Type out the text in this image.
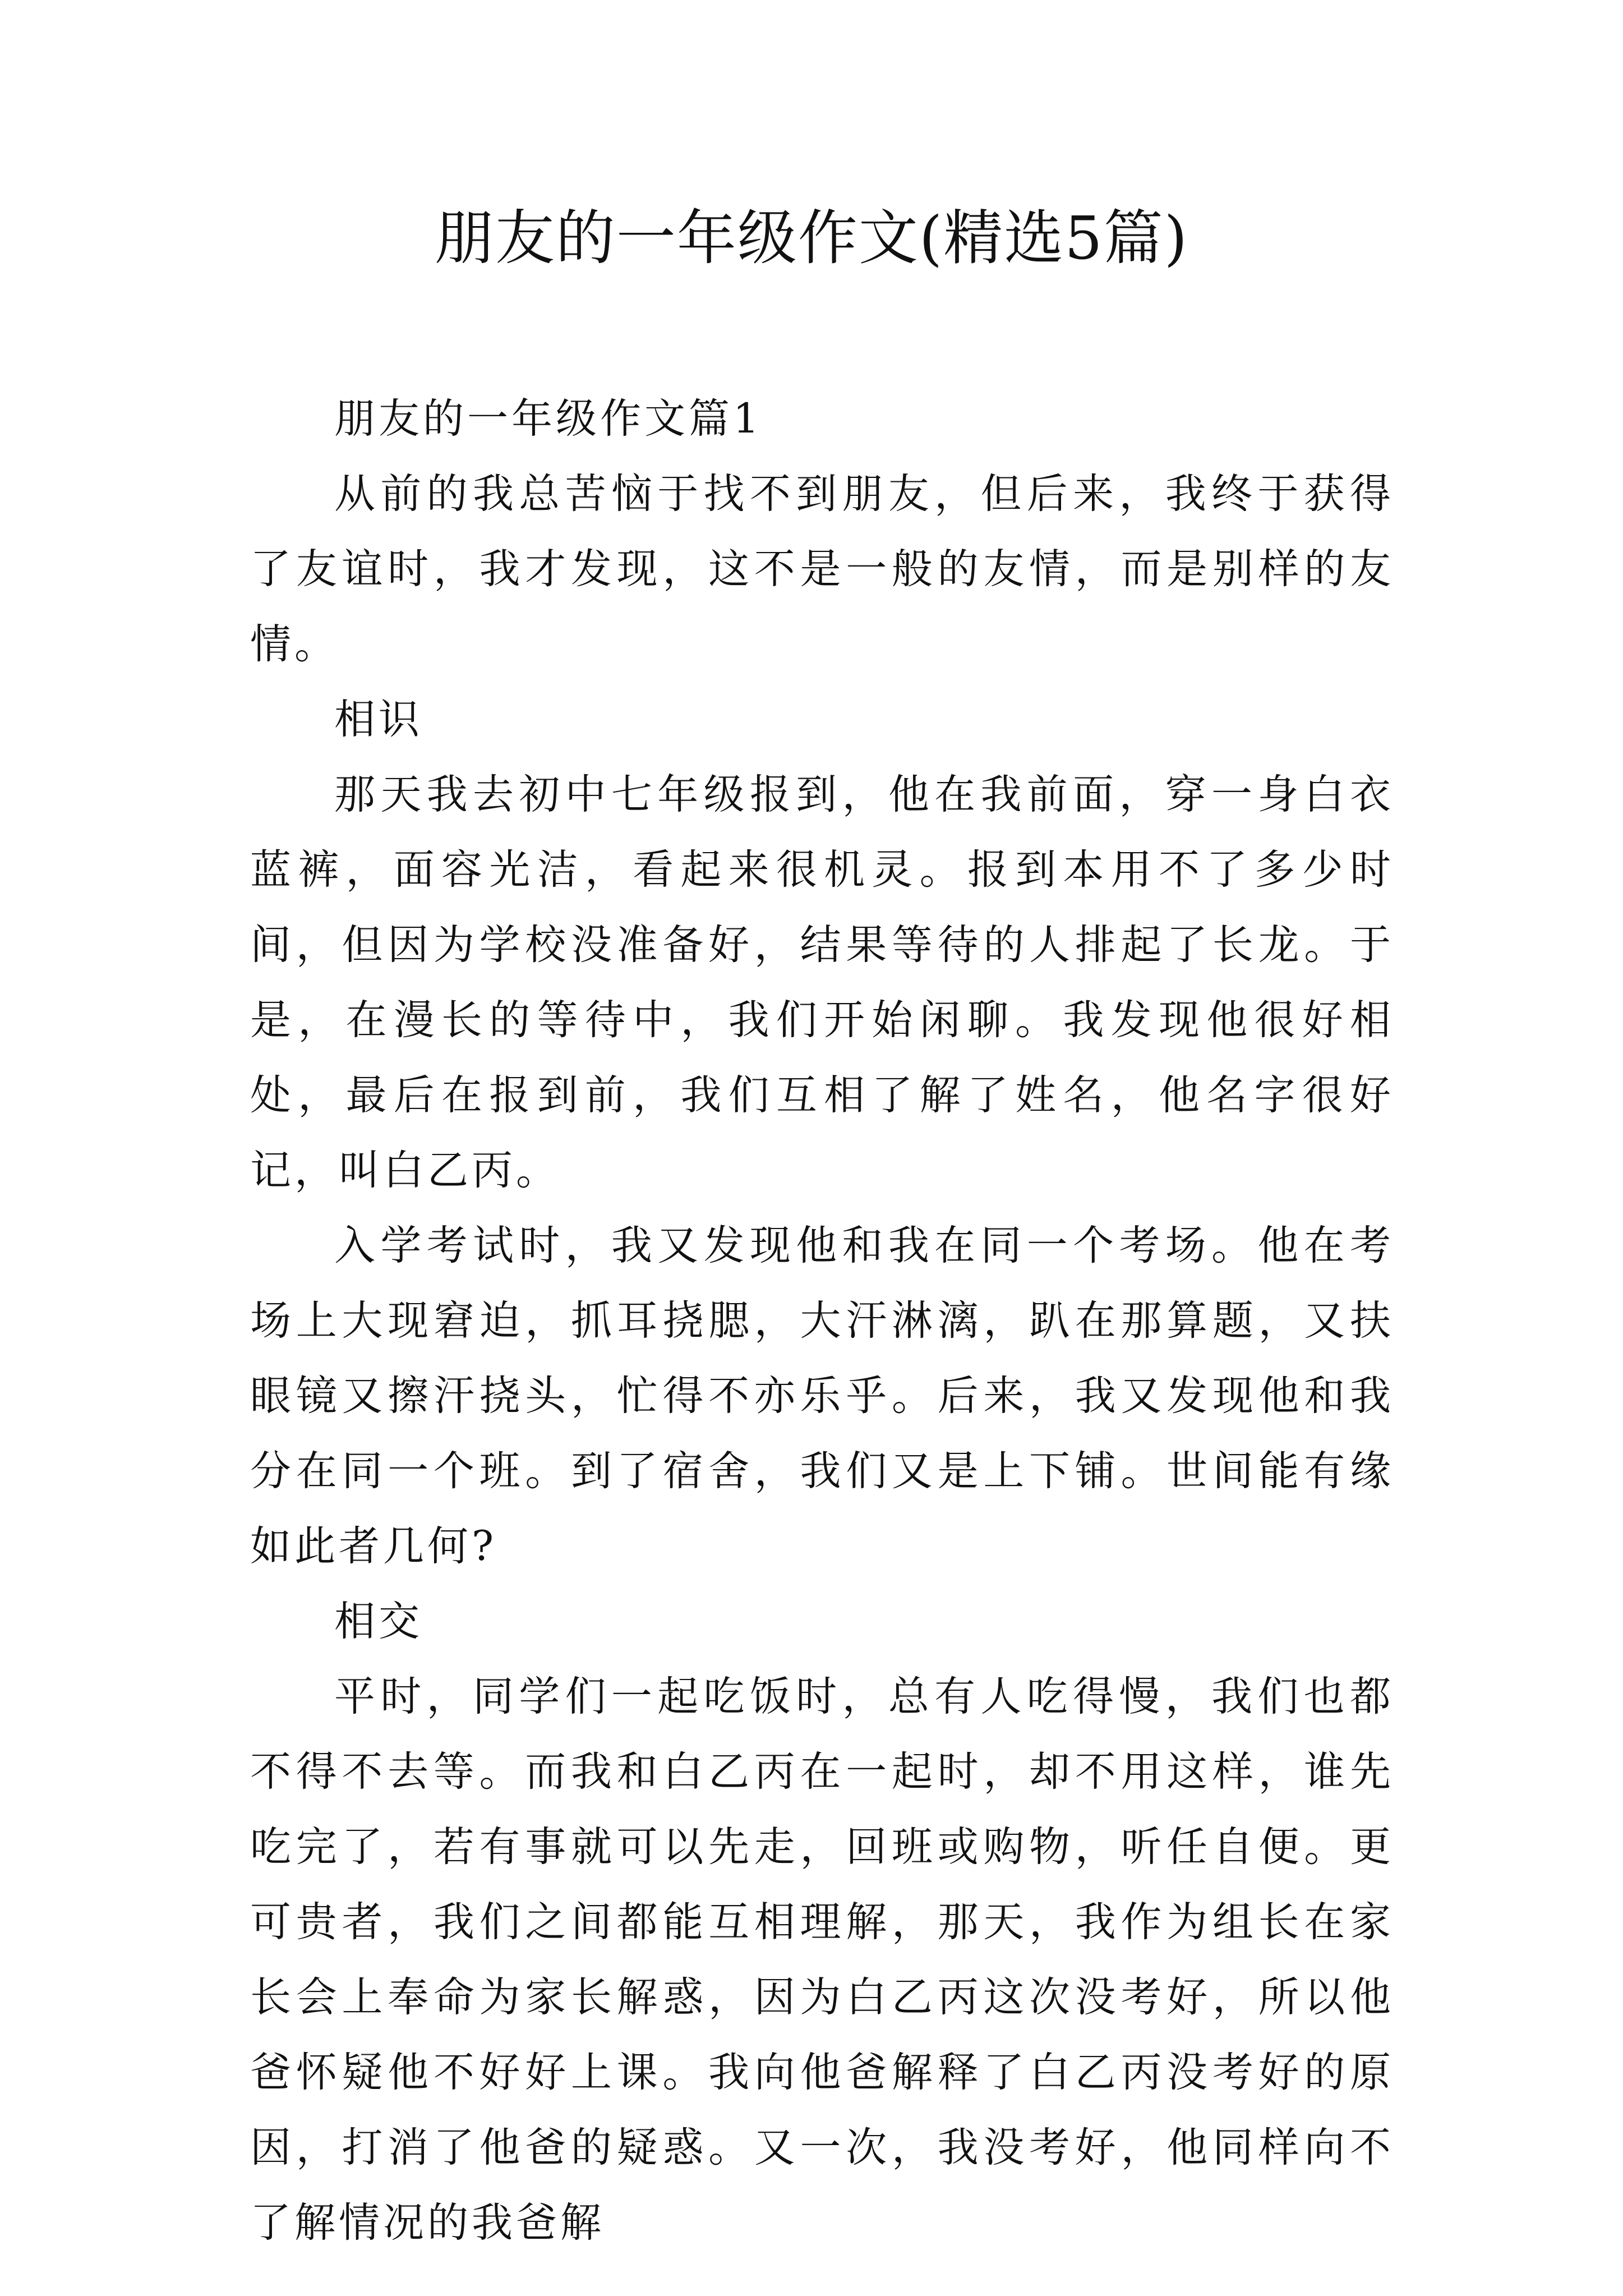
朋友的一年级作文(精选5篇)

朋友的一年级作文篇1

从前的我总苦恼于找不到朋友，但后来，我终于获得了友谊时，我才发现，这不是一般的友情，而是别样的友情。

相识

那天我去初中七年级报到，他在我前面，穿一身白衣蓝裤，面容光洁，看起来很机灵。报到本用不了多少时间，但因为学校没准备好，结果等待的人排起了长龙。于是，在漫长的等待中，我们开始闲聊。我发现他很好相处，最后在报到前，我们互相了解了姓名，他名字很好记，叫白乙丙。

入学考试时，我又发现他和我在同一个考场。他在考场上大现窘迫，抓耳挠腮，大汗淋漓，趴在那算题，又扶眼镜又擦汗挠头，忙得不亦乐乎。后来，我又发现他和我分在同一个班。到了宿舍，我们又是上下铺。世间能有缘如此者几何?

相交

平时，同学们一起吃饭时，总有人吃得慢，我们也都不得不去等。而我和白乙丙在一起时，却不用这样，谁先吃完了，若有事就可以先走，回班或购物，听任自便。更可贵者，我们之间都能互相理解，那天，我作为组长在家长会上奉命为家长解惑，因为白乙丙这次没考好，所以他爸怀疑他不好好上课。我向他爸解释了白乙丙没考好的原因，打消了他爸的疑惑。又一次，我没考好，他同样向不了解情况的我爸解
